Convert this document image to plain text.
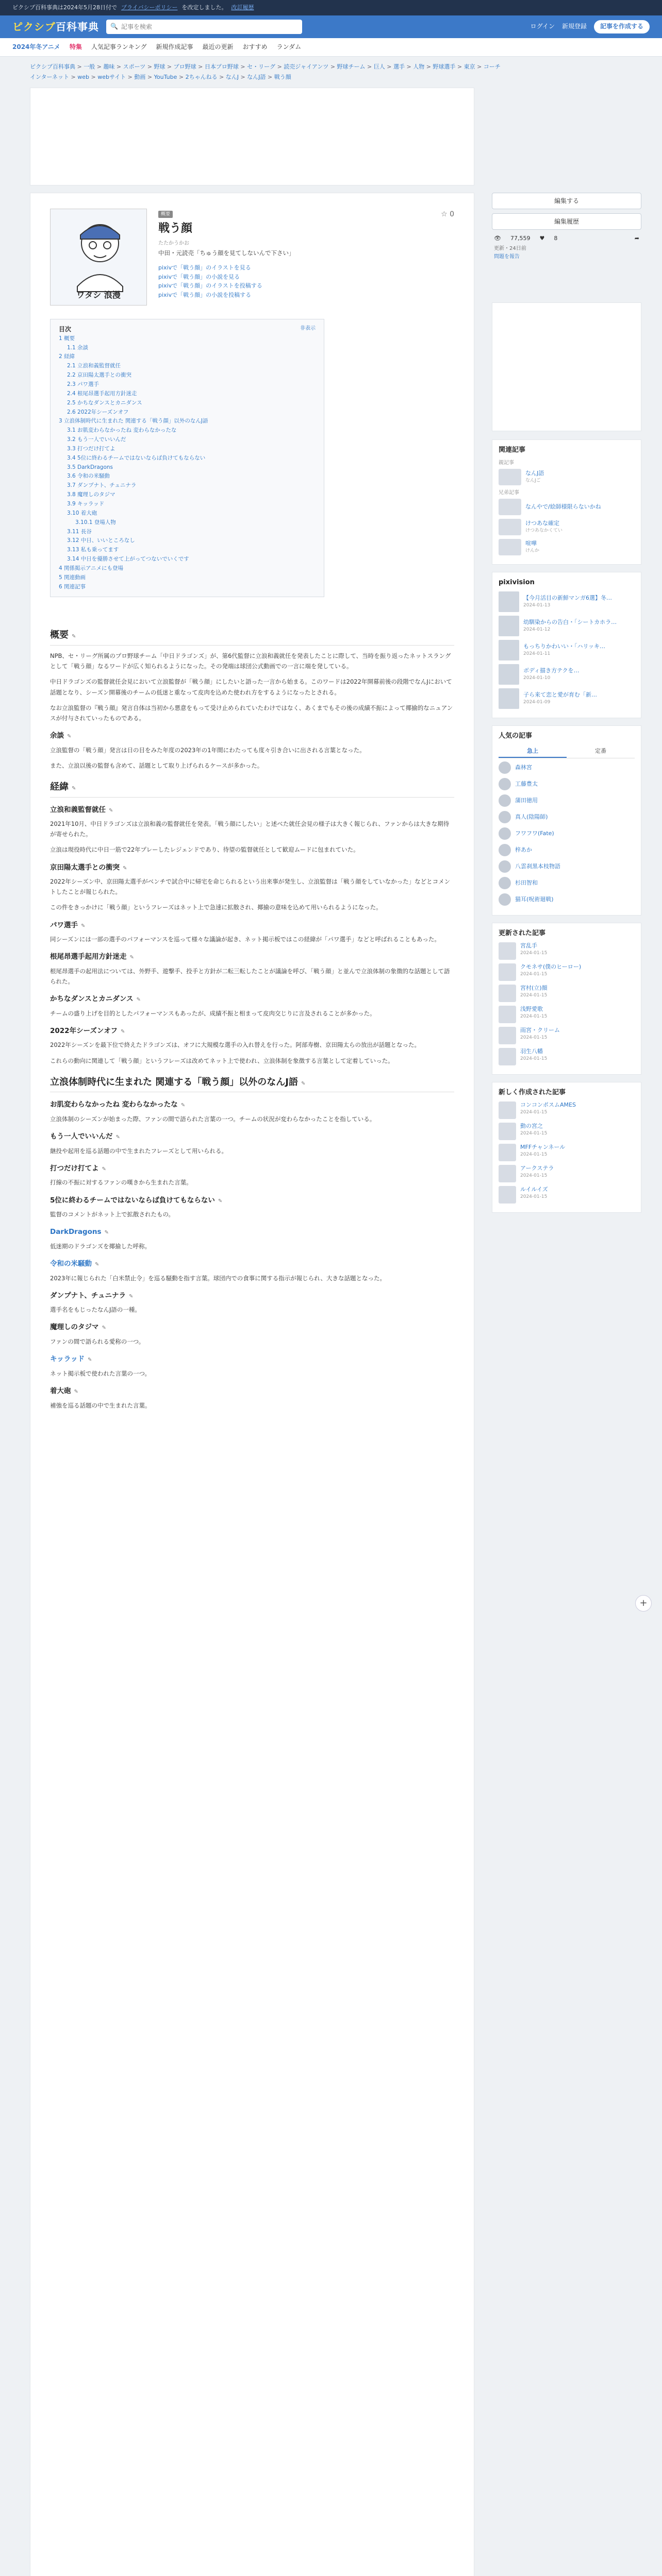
ピクシブ百科事典は2024年5月28日付で プライバシーポリシー を改定しました。 改訂履歴
ピクシブ百科事典 🔍
記事を検索	ログイン 新規登録	記事を作成する
2024年冬アニメ 特集 人気記事ランキング 新規作成記事 最近の更新 おすすめ ランダム
ピクシブ百科事典 > 一般 > 趣味 > スポーツ > 野球 > プロ野球 > 日本プロ野球 > セ・リーグ > 読売ジャイアンツ > 野球チーム > 巨人 > 選手 > 人物 > 野球選手 > 東京 > コーチ
インターネット > web > webサイト > 動画 > YouTube > 2ちゃんねる > なんJ > なんJ語 > 戦う顔
ワタシ 浪漫
☆ 0
概要
戦う顔
たたかうかお

中田・元読売「ちゅう顔を見てしないんで下さい」

pixivで「戦う顔」のイラストを見る
pixivで「戦う顔」の小説を見る
pixivで「戦う顔」のイラストを投稿する
pixivで「戦う顔」の小説を投稿する
目次	非表示
1 概要
1.1 余談
2 経緯
2.1 立浪和義監督就任
2.2 京田陽太選手との衝突
2.3 パワ選手
2.4 根尾昂選手起用方針迷走
2.5 かちなダンスとカニダンス
2.6 2022年シーズンオフ
3 立浪体制時代に生まれた 関連する「戦う顔」以外のなんJ語
3.1 お肌変わらなかったね 変わらなかったな
3.2 もう一人でいいんだ
3.3 打つだけ打てよ
3.4 5位に終わるチームではないならば負けてもならない
3.5 DarkDragons
3.6 令和の米騒動
3.7 ダンプナト、チュニナラ
3.8 魔理しのタジマ
3.9 キッラッド
3.10 着大砲
3.10.1 登場人物
3.11 長谷
3.12 中日、いいところなし
3.13 私も乗ってます
3.14 中日を優勝させて上がってつないでいくです
4 関係掲示アニメにも登場
5 関連動画
6 関連記事
概要 ✎

NPB、セ・リーグ所属のプロ野球チーム「中日ドラゴンズ」が、第6代監督に立浪和義就任を発表したことに際して、当時を振り返ったネットスラングとして「戦う顔」なるワードが広く知られるようになった。その発端は球団公式動画での一言に端を発している。

中日ドラゴンズの監督就任会見において立浪監督が「戦う顔」にしたいと語った一言から始まる。このワードは2022年開幕前後の段階でなんJにおいて話題となり、シーズン開幕後のチームの低迷と重なって皮肉を込めた使われ方をするようになったとされる。

なお立浪監督の『戦う顔』発言自体は当初から悪意をもって受け止められていたわけではなく、あくまでもその後の成績不振によって揶揄的なニュアンスが付与されていったものである。

余談 ✎

立浪監督の「戦う顔」発言は日の目をみた年度の2023年の1年間にわたっても度々引き合いに出される言葉となった。

また、立浪以後の監督も含めて、話題として取り上げられるケースが多かった。

経緯 ✎
立浪和義監督就任 ✎

2021年10月、中日ドラゴンズは立浪和義の監督就任を発表。「戦う顔にしたい」と述べた就任会見の様子は大きく報じられ、ファンからは大きな期待が寄せられた。

立浪は現役時代に中日一筋で22年プレーしたレジェンドであり、待望の監督就任として歓迎ムードに包まれていた。

京田陽太選手との衝突 ✎

2022年シーズン中、京田陽太選手がベンチで試合中に帰宅を命じられるという出来事が発生し、立浪監督は「戦う顔をしていなかった」などとコメントしたことが報じられた。

この件をきっかけに「戦う顔」というフレーズはネット上で急速に拡散され、揶揄の意味を込めて用いられるようになった。

パワ選手 ✎

同シーズンには一部の選手のパフォーマンスを巡って様々な議論が起き、ネット掲示板ではこの経緯が「パワ選手」などと呼ばれることもあった。

根尾昂選手起用方針迷走 ✎

根尾昂選手の起用法については、外野手、遊撃手、投手と方針が二転三転したことが議論を呼び、「戦う顔」と並んで立浪体制の象徴的な話題として語られた。

かちなダンスとカニダンス ✎

チームの盛り上げを目的としたパフォーマンスもあったが、成績不振と相まって皮肉交じりに言及されることが多かった。

2022年シーズンオフ ✎

2022年シーズンを最下位で終えたドラゴンズは、オフに大規模な選手の入れ替えを行った。阿部寿樹、京田陽太らの放出が話題となった。

これらの動向に関連して「戦う顔」というフレーズは改めてネット上で使われ、立浪体制を象徴する言葉として定着していった。

立浪体制時代に生まれた 関連する「戦う顔」以外のなんJ語 ✎
お肌変わらなかったね 変わらなかったな ✎

立浪体制のシーズンが始まった際、ファンの間で語られた言葉の一つ。チームの状況が変わらなかったことを指している。

もう一人でいいんだ ✎

継投や起用を巡る話題の中で生まれたフレーズとして用いられる。

打つだけ打てよ ✎

打線の不振に対するファンの嘆きから生まれた言葉。

5位に終わるチームではないならば負けてもならない ✎

監督のコメントがネット上で拡散されたもの。

DarkDragons ✎

低迷期のドラゴンズを揶揄した呼称。

令和の米騒動 ✎

2023年に報じられた「白米禁止令」を巡る騒動を指す言葉。球団内での食事に関する指示が報じられ、大きな話題となった。

ダンプナト、チュニナラ ✎

選手名をもじったなんJ語の一種。

魔理しのタジマ ✎

ファンの間で語られる愛称の一つ。

キッラッド ✎

ネット掲示板で使われた言葉の一つ。

着大砲 ✎

補強を巡る話題の中で生まれた言葉。

編集する
編集履歴
👁 77,559 ♥ 8	➦
更新・24日前
問題を報告
関連記事
親記事
なんJ語
なんJご
兄弟記事
なんやで/絵師様限らないかね
けつあな確定
けつあなかくてい
喧嘩
けんか
pixivision
【今月活目の新鮮マンガ6選】冬…
2024-01-13
幼馴染からの告白・「シートカホラ…
2024-01-12
もっちりかわいい・「ハリッキ…
2024-01-11
ボディ描き方テクを…
2024-01-10
子ら来て恋と愛が育む「新…
2024-01-09
人気の記事
急上	定番
森林宮
工藤豊太
蒲田徳用
真人(陰陽師)
フワフワ(Fate)
梓あか
八雲刹黒本枝物語
杉田智和
猫耳(呪術廻戦)
更新された記事
宮乱手
2024-01-15
クモネサ(僕のヒーロー)
2024-01-15
宮村(立)顔
2024-01-15
浅野愛歌
2024-01-15
雨宮・クリーム
2024-01-15
羽生八幡
2024-01-15
新しく作成された記事
コンコンポスムAMES
2024-01-15
動の宮之
2024-01-15
MFFチャンネール
2024-01-15
アークステラ
2024-01-15
ルイルイズ
2024-01-15
+
